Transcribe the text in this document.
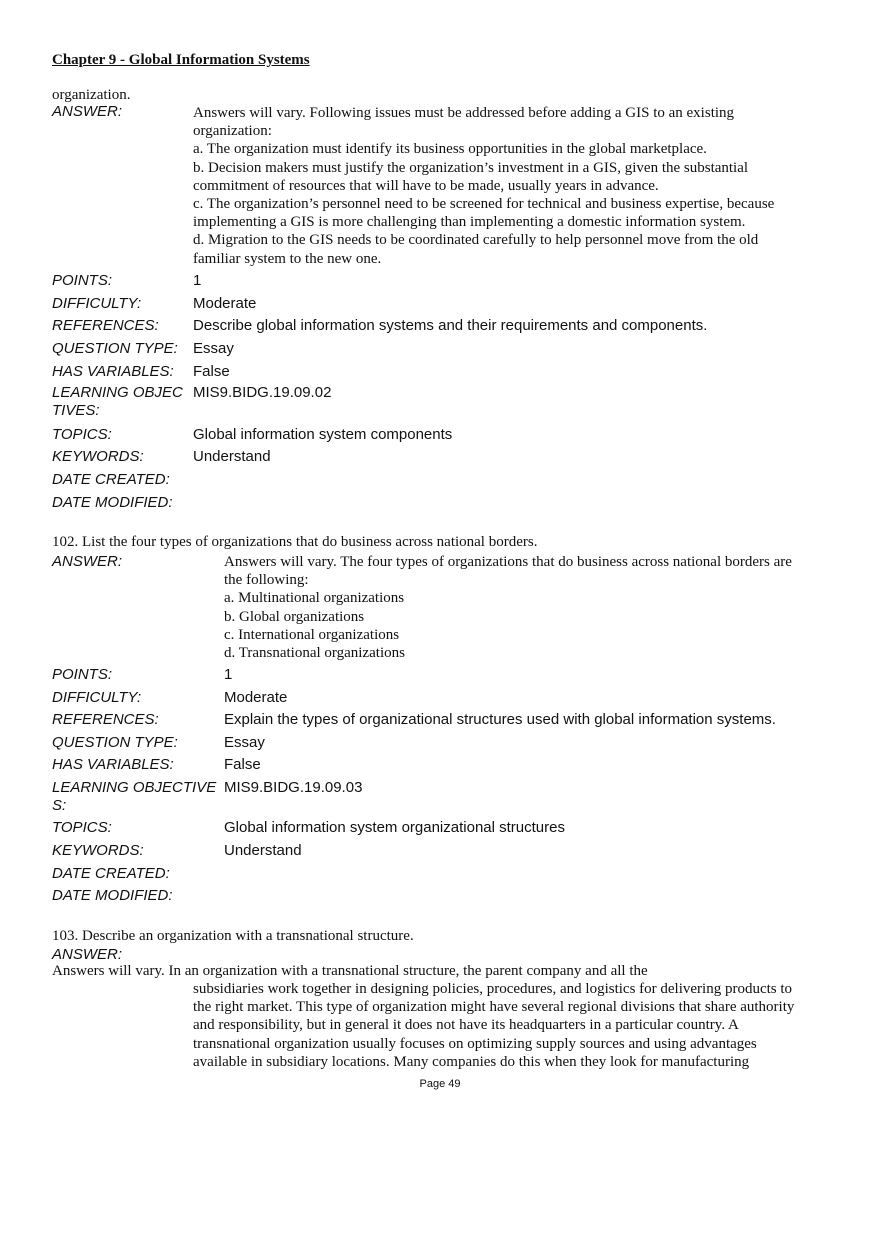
Chapter 9 - Global Information Systems
organization.
ANSWER:	Answers will vary. Following issues must be addressed before adding a GIS to an existing
organization:
a. The organization must identify its business opportunities in the global marketplace.
b. Decision makers must justify the organization’s investment in a GIS, given the substantial
commitment of resources that will have to be made, usually years in advance.
c. The organization’s personnel need to be screened for technical and business expertise, because
implementing a GIS is more challenging than implementing a domestic information system.
d. Migration to the GIS needs to be coordinated carefully to help personnel move from the old
familiar system to the new one.
POINTS:	1
DIFFICULTY:	Moderate
REFERENCES: Describe global information systems and their requirements and components.
QUESTION TYPE: Essay
HAS VARIABLES: False
LEARNING OBJECTIVES:
MIS9.BIDG.19.09.02
TOPICS:	Global information system components
KEYWORDS:	Understand
DATE CREATED:
DATE MODIFIED:
102. List the four types of organizations that do business across national borders.
ANSWER:	Answers will vary. The four types of organizations that do business across national borders are
the following:
a. Multinational organizations
b. Global organizations
c. International organizations
d. Transnational organizations
POINTS:	1
DIFFICULTY:	Moderate
REFERENCES:	Explain the types of organizational structures used with global information systems.
QUESTION TYPE:	Essay
HAS VARIABLES:	False
LEARNING OBJECTIVES:
MIS9.BIDG.19.09.03
TOPICS:	Global information system organizational structures
KEYWORDS:	Understand
DATE CREATED:
DATE MODIFIED:
103. Describe an organization with a transnational structure.
ANSWER:
Answers will vary. In an organization with a transnational structure, the parent company and all the
subsidiaries work together in designing policies, procedures, and logistics for delivering products to
the right market. This type of organization might have several regional divisions that share authority
and responsibility, but in general it does not have its headquarters in a particular country. A
transnational organization usually focuses on optimizing supply sources and using advantages
available in subsidiary locations. Many companies do this when they look for manufacturing
Page 49
